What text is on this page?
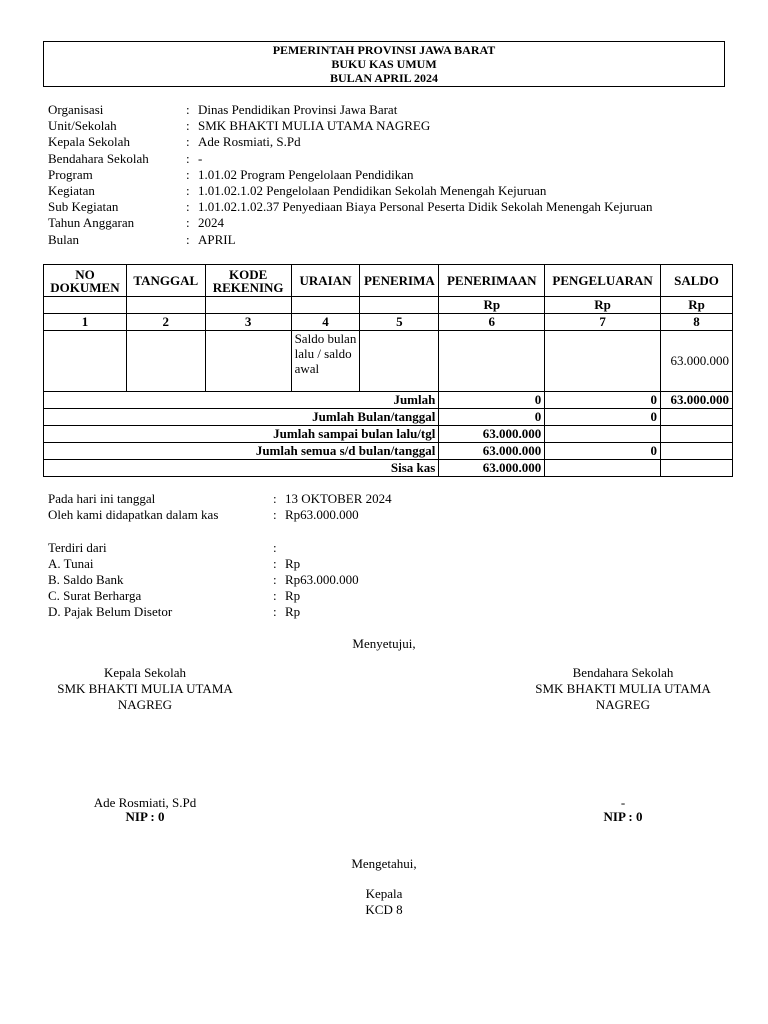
PEMERINTAH PROVINSI JAWA BARAT
BUKU KAS UMUM
BULAN APRIL 2024
Organisasi	: Dinas Pendidikan Provinsi Jawa Barat
Unit/Sekolah	: SMK BHAKTI MULIA UTAMA NAGREG
Kepala Sekolah	: Ade Rosmiati, S.Pd
Bendahara Sekolah	: -
Program	: 1.01.02 Program Pengelolaan Pendidikan
Kegiatan	: 1.01.02.1.02 Pengelolaan Pendidikan Sekolah Menengah Kejuruan
Sub Kegiatan	: 1.01.02.1.02.37 Penyediaan Biaya Personal Peserta Didik Sekolah Menengah Kejuruan
Tahun Anggaran	: 2024
Bulan	: APRIL
NO DOKUMEN	TANGGAL	KODE REKENING	URAIAN	PENERIMA	PENERIMAAN	PENGELUARAN	SALDO
					Rp	Rp	Rp
1	2	3	4	5	6	7	8
			Saldo bulan lalu / saldo awal				63.000.000
Jumlah					0	0	63.000.000
Jumlah Bulan/tanggal					0	0	
Jumlah sampai bulan lalu/tgl					63.000.000		
Jumlah semua s/d bulan/tanggal					63.000.000	0	
Sisa kas					63.000.000		
Pada hari ini tanggal	: 13 OKTOBER 2024
Oleh kami didapatkan dalam kas	: Rp63.000.000
Terdiri dari	:
A. Tunai	: Rp
B. Saldo Bank	: Rp63.000.000
C. Surat Berharga	: Rp
D. Pajak Belum Disetor	: Rp
Menyetujui,
Kepala Sekolah
SMK BHAKTI MULIA UTAMA
NAGREG
Bendahara Sekolah
SMK BHAKTI MULIA UTAMA
NAGREG
Ade Rosmiati, S.Pd
NIP : 0
-
NIP : 0
Mengetahui,
Kepala
KCD 8
